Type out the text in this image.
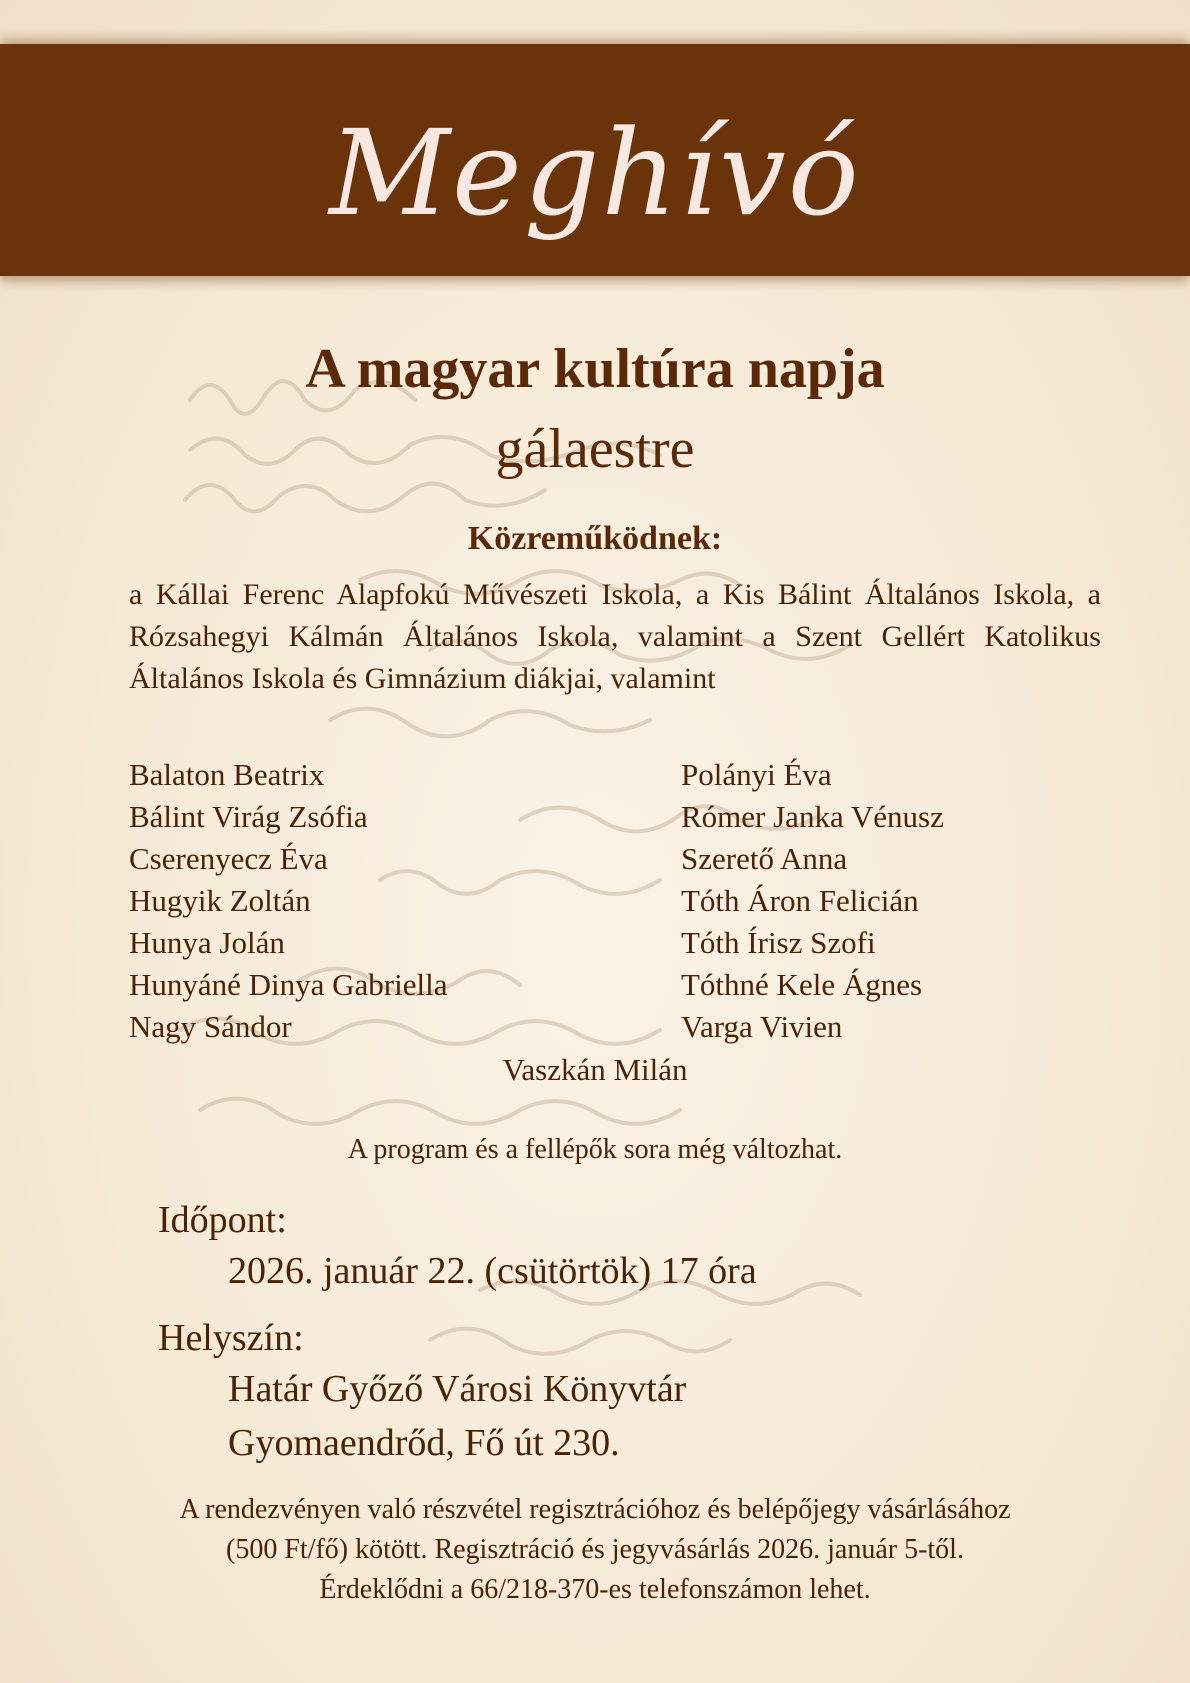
Meghívó
A magyar kultúra napja
gálaestre
Közreműködnek:
a Kállai Ferenc Alapfokú Művészeti Iskola, a Kis Bálint Általános Iskola, a Rózsahegyi Kálmán Általános Iskola, valamint a Szent Gellért Katolikus Általános Iskola és Gimnázium diákjai, valamint
Balaton Beatrix
Bálint Virág Zsófia
Cserenyecz Éva
Hugyik Zoltán
Hunya Jolán
Hunyáné Dinya Gabriella
Nagy Sándor
Polányi Éva
Rómer Janka Vénusz
Szerető Anna
Tóth Áron Felicián
Tóth Írisz Szofi
Tóthné Kele Ágnes
Varga Vivien
Vaszkán Milán
A program és a fellépők sora még változhat.
Időpont:
2026. január 22. (csütörtök) 17 óra
Helyszín:
Határ Győző Városi Könyvtár
Gyomaendrőd, Fő út 230.
A rendezvényen való részvétel regisztrációhoz és belépőjegy vásárlásához
(500 Ft/fő) kötött. Regisztráció és jegyvásárlás 2026. január 5-től.
Érdeklődni a 66/218-370-es telefonszámon lehet.
